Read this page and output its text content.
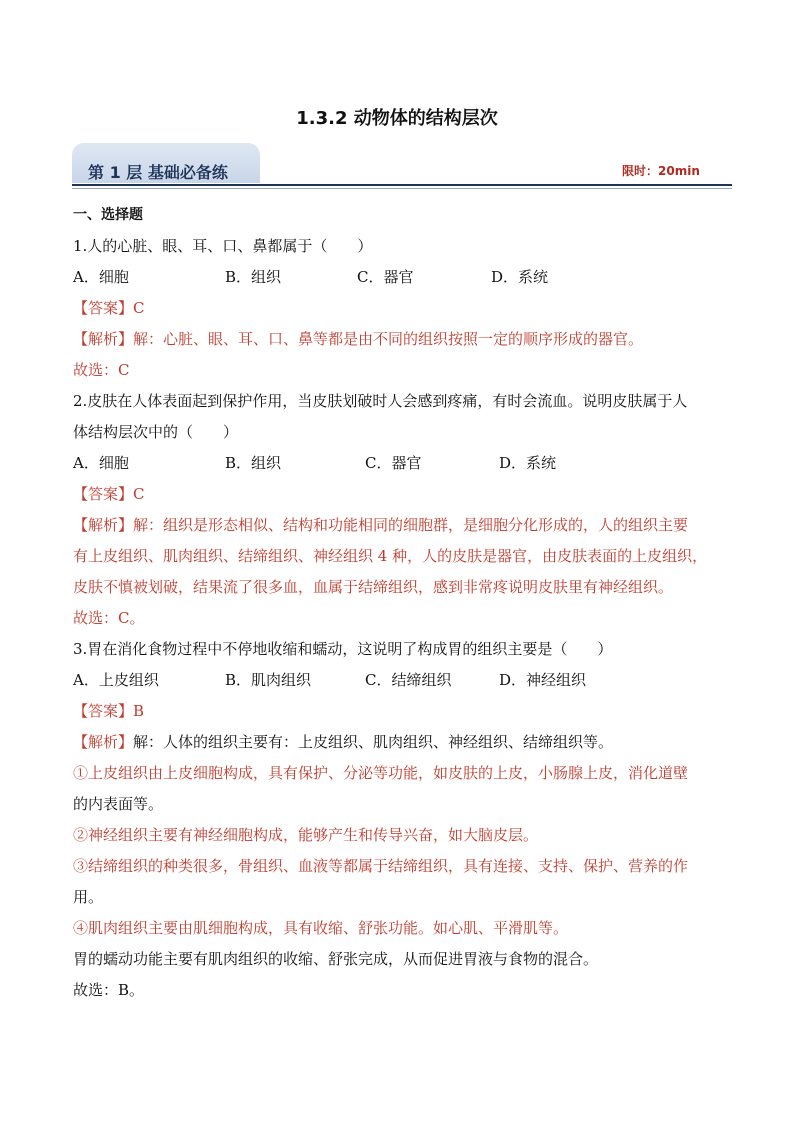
1.3.2 动物体的结构层次
第 1 层 基础必备练	限时：20min
一、选择题
1.人的心脏、眼、耳、口、鼻都属于（　　）
A．细胞	B．组织	C．器官	D．系统
【答案】C
【解析】解：心脏、眼、耳、口、鼻等都是由不同的组织按照一定的顺序形成的器官。
故选：C
2.皮肤在人体表面起到保护作用，当皮肤划破时人会感到疼痛，有时会流血。说明皮肤属于人
体结构层次中的（　　）
A．细胞	B．组织	C．器官	D．系统
【答案】C
【解析】解：组织是形态相似、结构和功能相同的细胞群，是细胞分化形成的，人的组织主要
有上皮组织、肌肉组织、结缔组织、神经组织 4 种，人的皮肤是器官，由皮肤表面的上皮组织，
皮肤不慎被划破，结果流了很多血，血属于结缔组织，感到非常疼说明皮肤里有神经组织。
故选：C。
3.胃在消化食物过程中不停地收缩和蠕动，这说明了构成胃的组织主要是（　　）
A．上皮组织	B．肌肉组织	C．结缔组织	D．神经组织
【答案】B
【解析】解：人体的组织主要有：上皮组织、肌肉组织、神经组织、结缔组织等。
①上皮组织由上皮细胞构成，具有保护、分泌等功能，如皮肤的上皮，小肠腺上皮，消化道壁
的内表面等。
②神经组织主要有神经细胞构成，能够产生和传导兴奋，如大脑皮层。
③结缔组织的种类很多，骨组织、血液等都属于结缔组织，具有连接、支持、保护、营养的作
用。
④肌肉组织主要由肌细胞构成，具有收缩、舒张功能。如心肌、平滑肌等。
胃的蠕动功能主要有肌肉组织的收缩、舒张完成，从而促进胃液与食物的混合。
故选：B。
